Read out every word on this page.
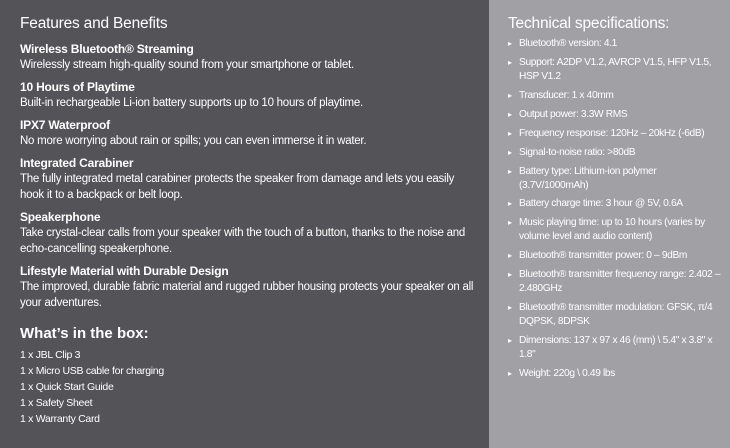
Features and Benefits
Wireless Bluetooth® Streaming
Wirelessly stream high-quality sound from your smartphone or tablet.
10 Hours of Playtime
Built-in rechargeable Li-ion battery supports up to 10 hours of playtime.
IPX7 Waterproof
No more worrying about rain or spills; you can even immerse it in water.
Integrated Carabiner
The fully integrated metal carabiner protects the speaker from damage and lets you easily hook it to a backpack or belt loop.
Speakerphone
Take crystal-clear calls from your speaker with the touch of a button, thanks to the noise and echo-cancelling speakerphone.
Lifestyle Material with Durable Design
The improved, durable fabric material and rugged rubber housing protects your speaker on all your adventures.
What’s in the box:
1 x JBL Clip 3
1 x Micro USB cable for charging
1 x Quick Start Guide
1 x Safety Sheet
1 x Warranty Card
Technical specifications:
▸ Bluetooth® version: 4.1
▸ Support: A2DP V1.2, AVRCP V1.5, HFP V1.5, HSP V1.2
▸ Transducer: 1 x 40mm
▸ Output power: 3.3W RMS
▸ Frequency response: 120Hz – 20kHz (-6dB)
▸ Signal-to-noise ratio: >80dB
▸ Battery type: Lithium-ion polymer (3.7V/1000mAh)
▸ Battery charge time: 3 hour @ 5V, 0.6A
▸ Music playing time: up to 10 hours (varies by volume level and audio content)
▸ Bluetooth® transmitter power: 0 – 9dBm
▸ Bluetooth® transmitter frequency range: 2.402 – 2.480GHz
▸ Bluetooth® transmitter modulation: GFSK, π/4 DQPSK, 8DPSK
▸ Dimensions: 137 x 97 x 46 (mm) \ 5.4" x 3.8" x 1.8"
▸ Weight: 220g \ 0.49 lbs
